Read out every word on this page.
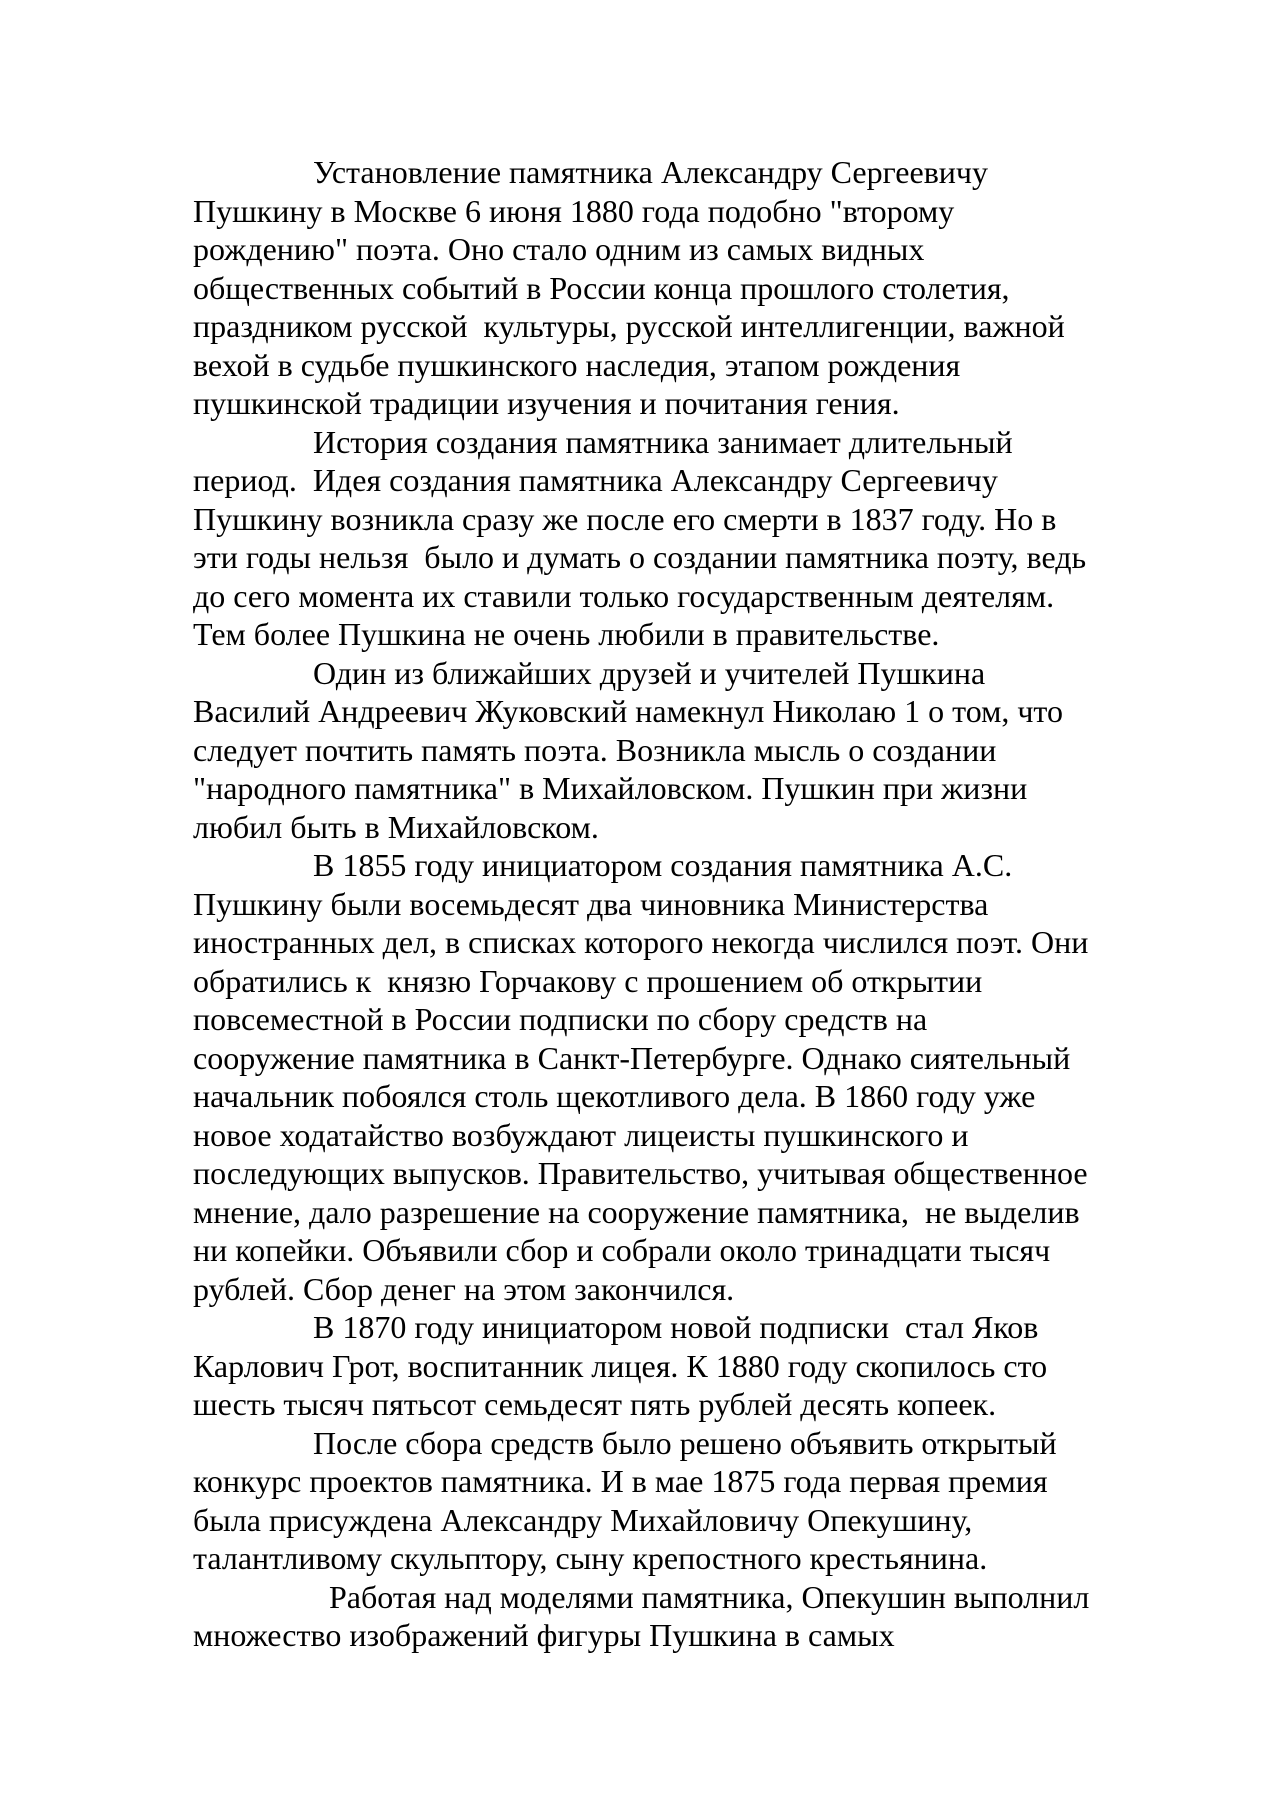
		Установление памятника Александру Сергеевичу
Пушкину в Москве 6 июня 1880 года подобно "второму
рождению" поэта. Оно стало одним из самых видных
общественных событий в России конца прошлого столетия,
праздником русской  культуры, русской интеллигенции, важной
вехой в судьбе пушкинского наследия, этапом рождения
пушкинской традиции изучения и почитания гения.
		История создания памятника занимает длительный
период.  Идея создания памятника Александру Сергеевичу
Пушкину возникла сразу же после его смерти в 1837 году. Но в
эти годы нельзя  было и думать о создании памятника поэту, ведь
до сего момента их ставили только государственным деятелям.
Тем более Пушкина не очень любили в правительстве.
		Один из ближайших друзей и учителей Пушкина
Василий Андреевич Жуковский намекнул Николаю 1 о том, что
следует почтить память поэта. Возникла мысль о создании
"народного памятника" в Михайловском. Пушкин при жизни
любил быть в Михайловском.
		В 1855 году инициатором создания памятника А.С.
Пушкину были восемьдесят два чиновника Министерства
иностранных дел, в списках которого некогда числился поэт. Они
обратились к  князю Горчакову с прошением об открытии
повсеместной в России подписки по сбору средств на
сооружение памятника в Санкт-Петербурге. Однако сиятельный
начальник побоялся столь щекотливого дела. В 1860 году уже
новое ходатайство возбуждают лицеисты пушкинского и
последующих выпусков. Правительство, учитывая общественное
мнение, дало разрешение на сооружение памятника,  не выделив
ни копейки. Объявили сбор и собрали около тринадцати тысяч
рублей. Сбор денег на этом закончился.
		В 1870 году инициатором новой подписки  стал Яков
Карлович Грот, воспитанник лицея. К 1880 году скопилось сто
шесть тысяч пятьсот семьдесят пять рублей десять копеек.
		После сбора средств было решено объявить открытый
конкурс проектов памятника. И в мае 1875 года первая премия
была присуждена Александру Михайловичу Опекушину,
талантливому скульптору, сыну крепостного крестьянина.
		Работая над моделями памятника, Опекушин выполнил
множество изображений фигуры Пушкина в самых
